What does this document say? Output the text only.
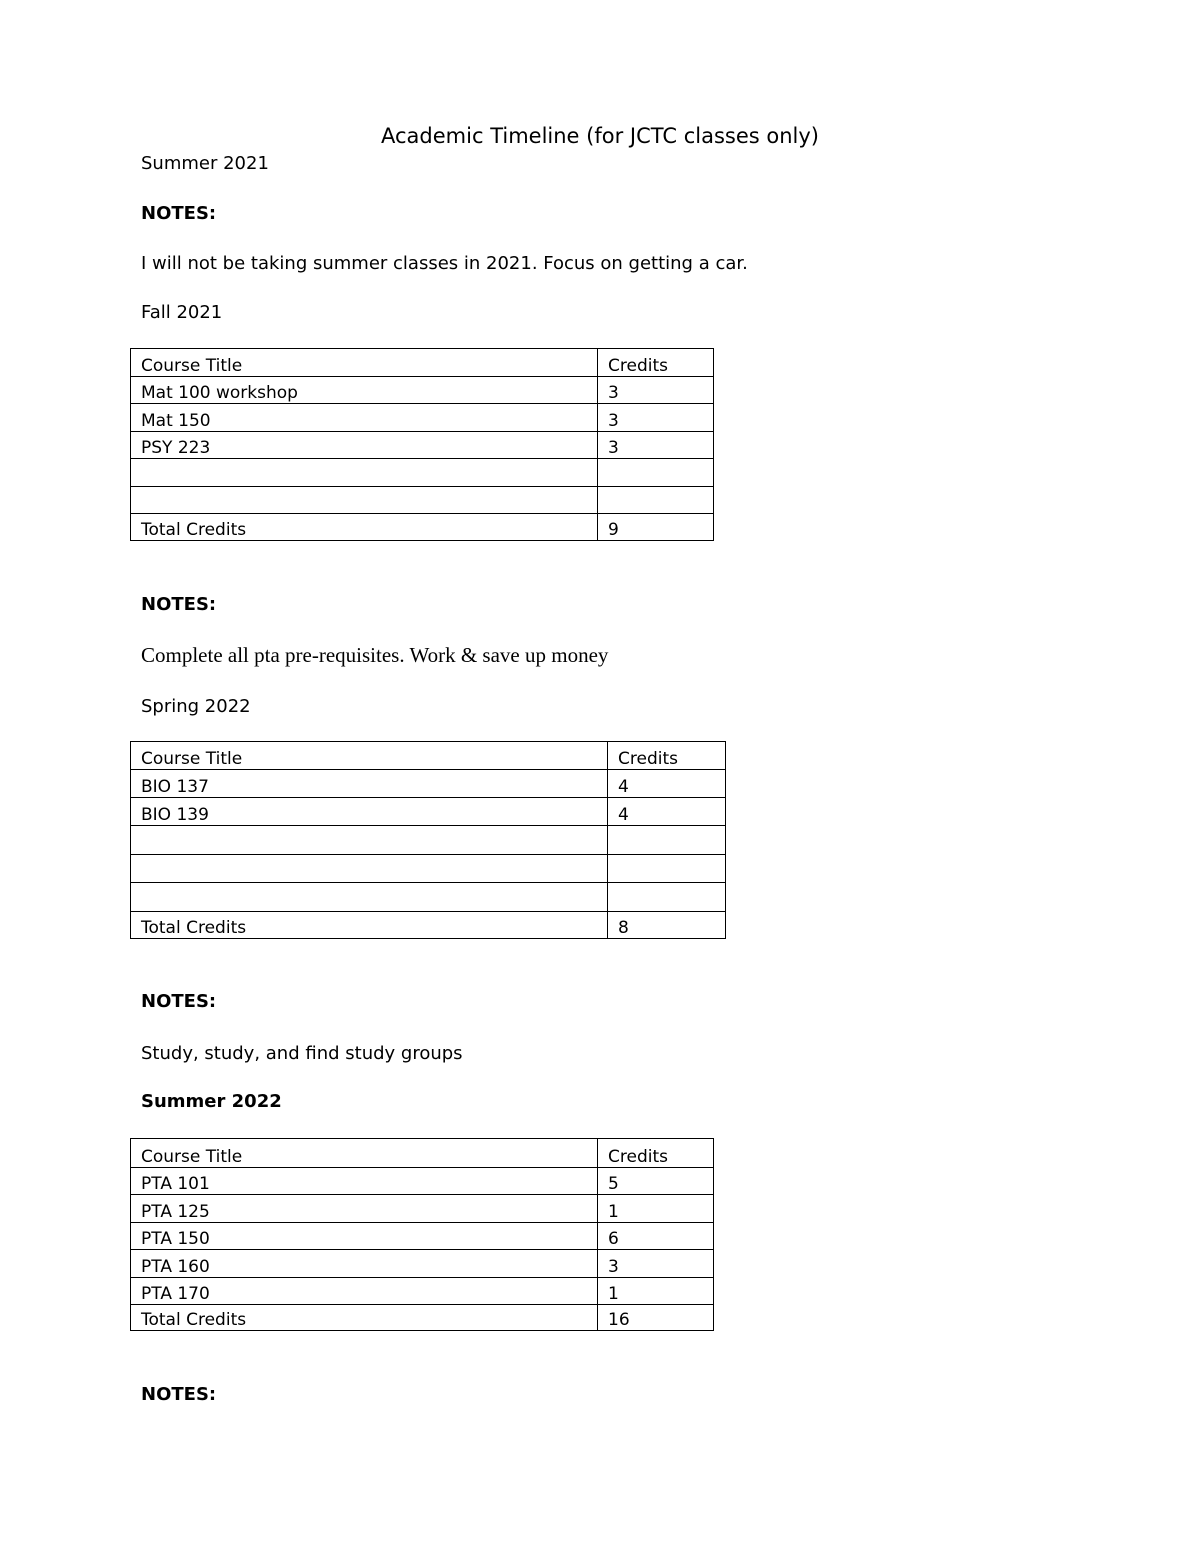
Academic Timeline (for JCTC classes only)
Summer 2021
NOTES:
I will not be taking summer classes in 2021. Focus on getting a car.
Fall 2021
Course Title	Credits
Mat 100 workshop	3
Mat 150	3
PSY 223	3

Total Credits	9
NOTES:
Complete all pta pre-requisites. Work & save up money
Spring 2022
Course Title	Credits
BIO 137	4
BIO 139	4

Total Credits	8
NOTES:
Study, study, and find study groups
Summer 2022
Course Title	Credits
PTA 101	5
PTA 125	1
PTA 150	6
PTA 160	3
PTA 170	1
Total Credits	16
NOTES:
